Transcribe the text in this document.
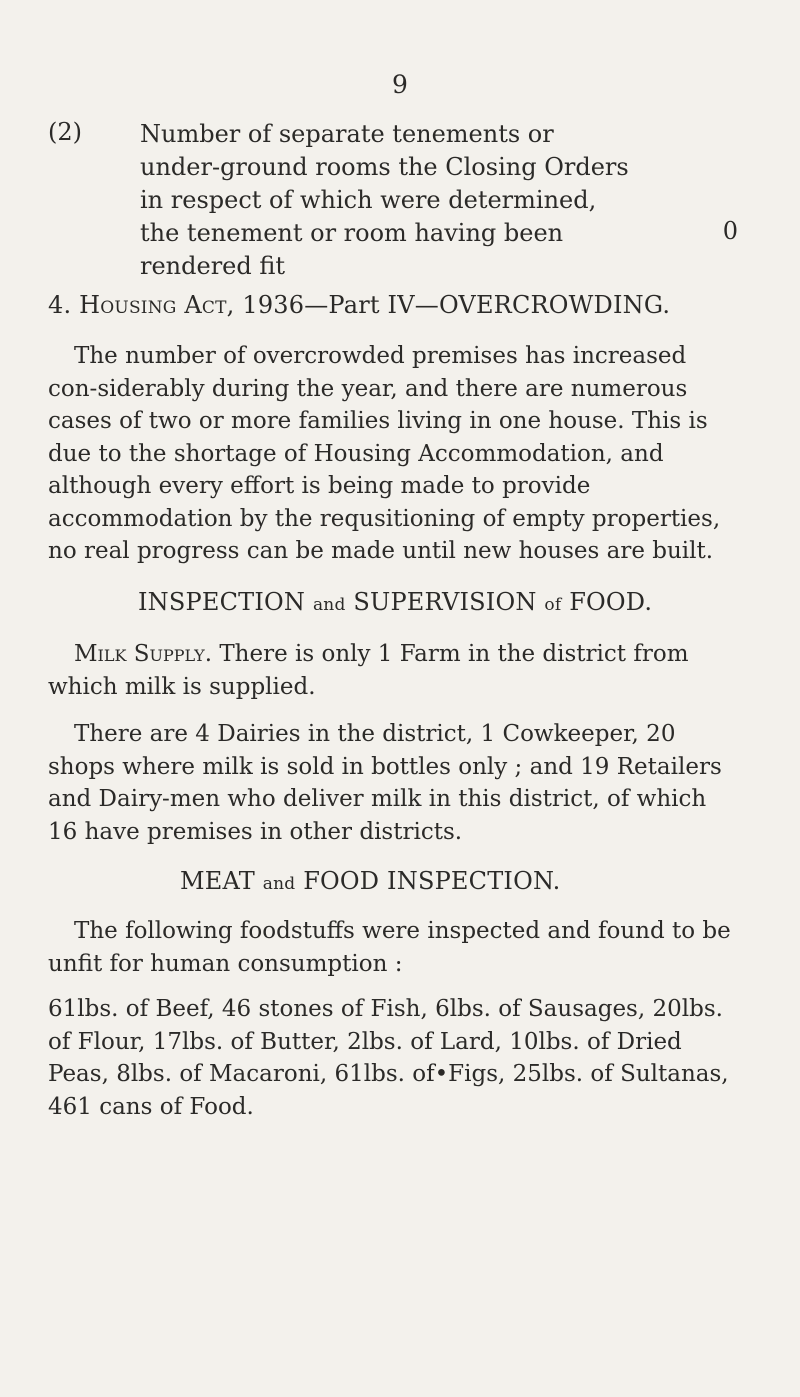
9
(2) Number of separate tenements or under-ground rooms the Closing Orders in respect of which were determined, the tenement or room having been rendered fit
0
4. Housing Act, 1936—Part IV—OVERCROWDING.
The number of overcrowded premises has increased con-siderably during the year, and there are numerous cases of two or more families living in one house. This is due to the shortage of Housing Accommodation, and although every effort is being made to provide accommodation by the requsitioning of empty properties, no real progress can be made until new houses are built.
INSPECTION and SUPERVISION of FOOD.
Milk Supply. There is only 1 Farm in the district from which milk is supplied.
There are 4 Dairies in the district, 1 Cowkeeper, 20 shops where milk is sold in bottles only ; and 19 Retailers and Dairy-men who deliver milk in this district, of which 16 have premises in other districts.
MEAT and FOOD INSPECTION.
The following foodstuffs were inspected and found to be unfit for human consumption :
61lbs. of Beef, 46 stones of Fish, 6lbs. of Sausages, 20lbs. of Flour, 17lbs. of Butter, 2lbs. of Lard, 10lbs. of Dried Peas, 8lbs. of Macaroni, 61lbs. of•Figs, 25lbs. of Sultanas, 461 cans of Food.
